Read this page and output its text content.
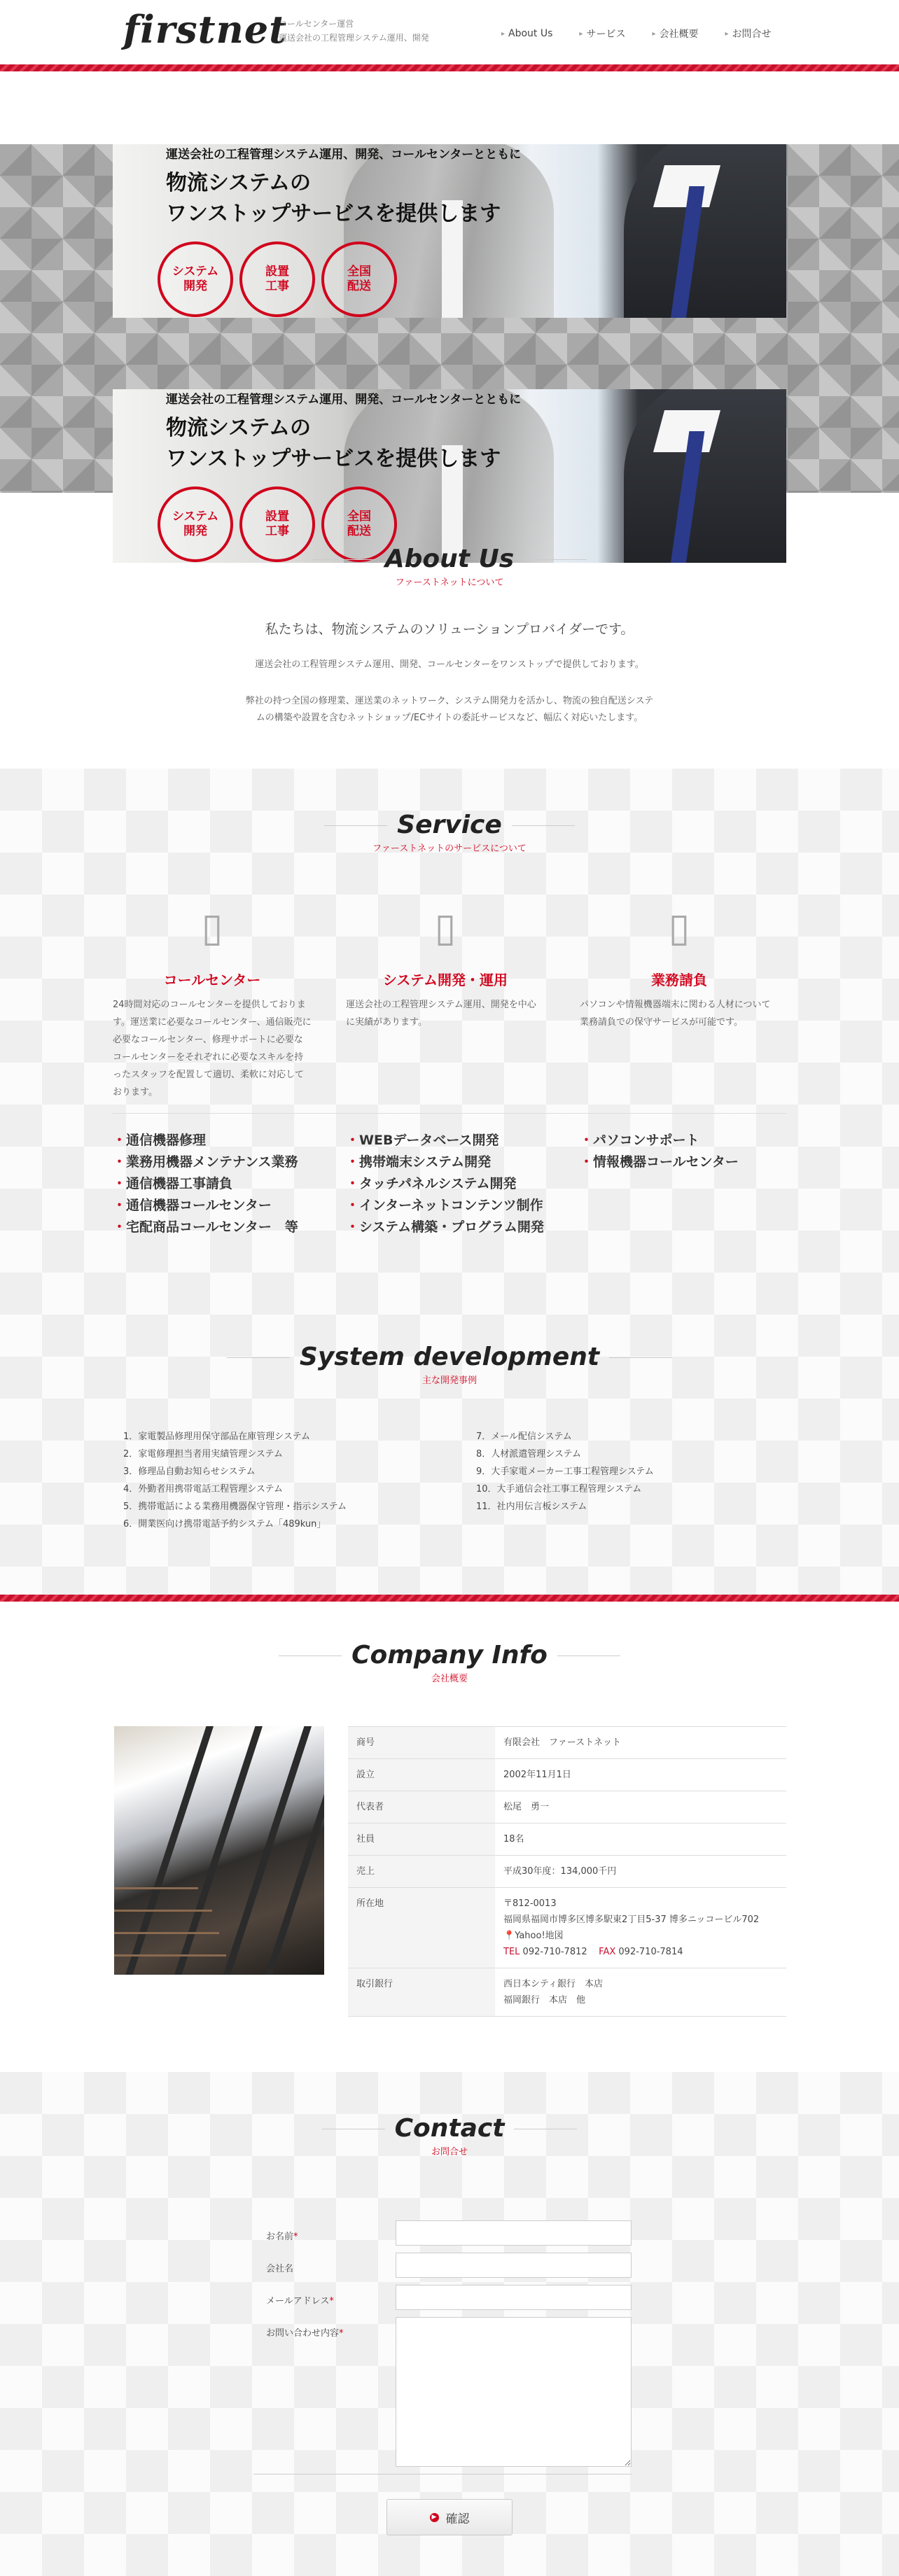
firstnet
コールセンター運営
運送会社の工程管理システム運用、開発	▸ About Us	▸ サービス	▸ 会社概要	▸ お問合せ
運送会社の工程管理システム運用、開発、コールセンターとともに
物流システムの
ワンストップサービスを提供します
システム
開発
設置
工事
全国
配送
運送会社の工程管理システム運用、開発、コールセンターとともに
物流システムの
ワンストップサービスを提供します
システム
開発
設置
工事
全国
配送
About Us
ファーストネットについて
私たちは、物流システムのソリューションプロバイダーです。
運送会社の工程管理システム運用、開発、コールセンターをワンストップで提供しております。
弊社の持つ全国の修理業、運送業のネットワーク、システム開発力を活かし、物流の独自配送システ
ムの構築や設置を含むネットショップ/ECサイトの委託サービスなど、幅広く対応いたします。
Service
ファーストネットのサービスについて
▯
コールセンター
24時間対応のコールセンターを提供しております。運送業に必要なコールセンター、通信販売に必要なコールセンター、修理サポートに必要なコールセンターをそれぞれに必要なスキルを持ったスタッフを配置して適切、柔軟に対応しております。
▯
システム開発・運用
運送会社の工程管理システム運用、開発を中心に実績があります。
▯
業務請負
パソコンや情報機器端末に関わる人材について業務請負での保守サービスが可能です。
・ 通信機器修理
・ 業務用機器メンテナンス業務
・ 通信機器工事請負
・ 通信機器コールセンター
・ 宅配商品コールセンター　等
・ WEBデータベース開発
・ 携帯端末システム開発
・ タッチパネルシステム開発
・ インターネットコンテンツ制作
・ システム構築・プログラム開発
・ パソコンサポート
・ 情報機器コールセンター
System development
主な開発事例
1．家電製品修理用保守部品在庫管理システム
2．家電修理担当者用実績管理システム
3．修理品自動お知らせシステム
4．外勤者用携帯電話工程管理システム
5．携帯電話による業務用機器保守管理・指示システム
6．開業医向け携帯電話予約システム「489kun」
7．メール配信システム
8．人材派遣管理システム
9．大手家電メーカー工事工程管理システム
10．大手通信会社工事工程管理システム
11．社内用伝言板システム
Company Info
会社概要
商号	有限会社　ファーストネット
設立	2002年11月1日
代表者	松尾　勇一
社員	18名
売上	平成30年度：134,000千円
所在地	〒812-0013
福岡県福岡市博多区博多駅東2丁目5-37 博多ニッコービル702
📍Yahoo!地図
TEL 092-710-7812 FAX 092-710-7814

取引銀行	西日本シティ銀行　本店
福岡銀行　本店　他
Contact
お問合せ
お名前*
会社名
メールアドレス*
お問い合わせ内容*
▶ 確認
